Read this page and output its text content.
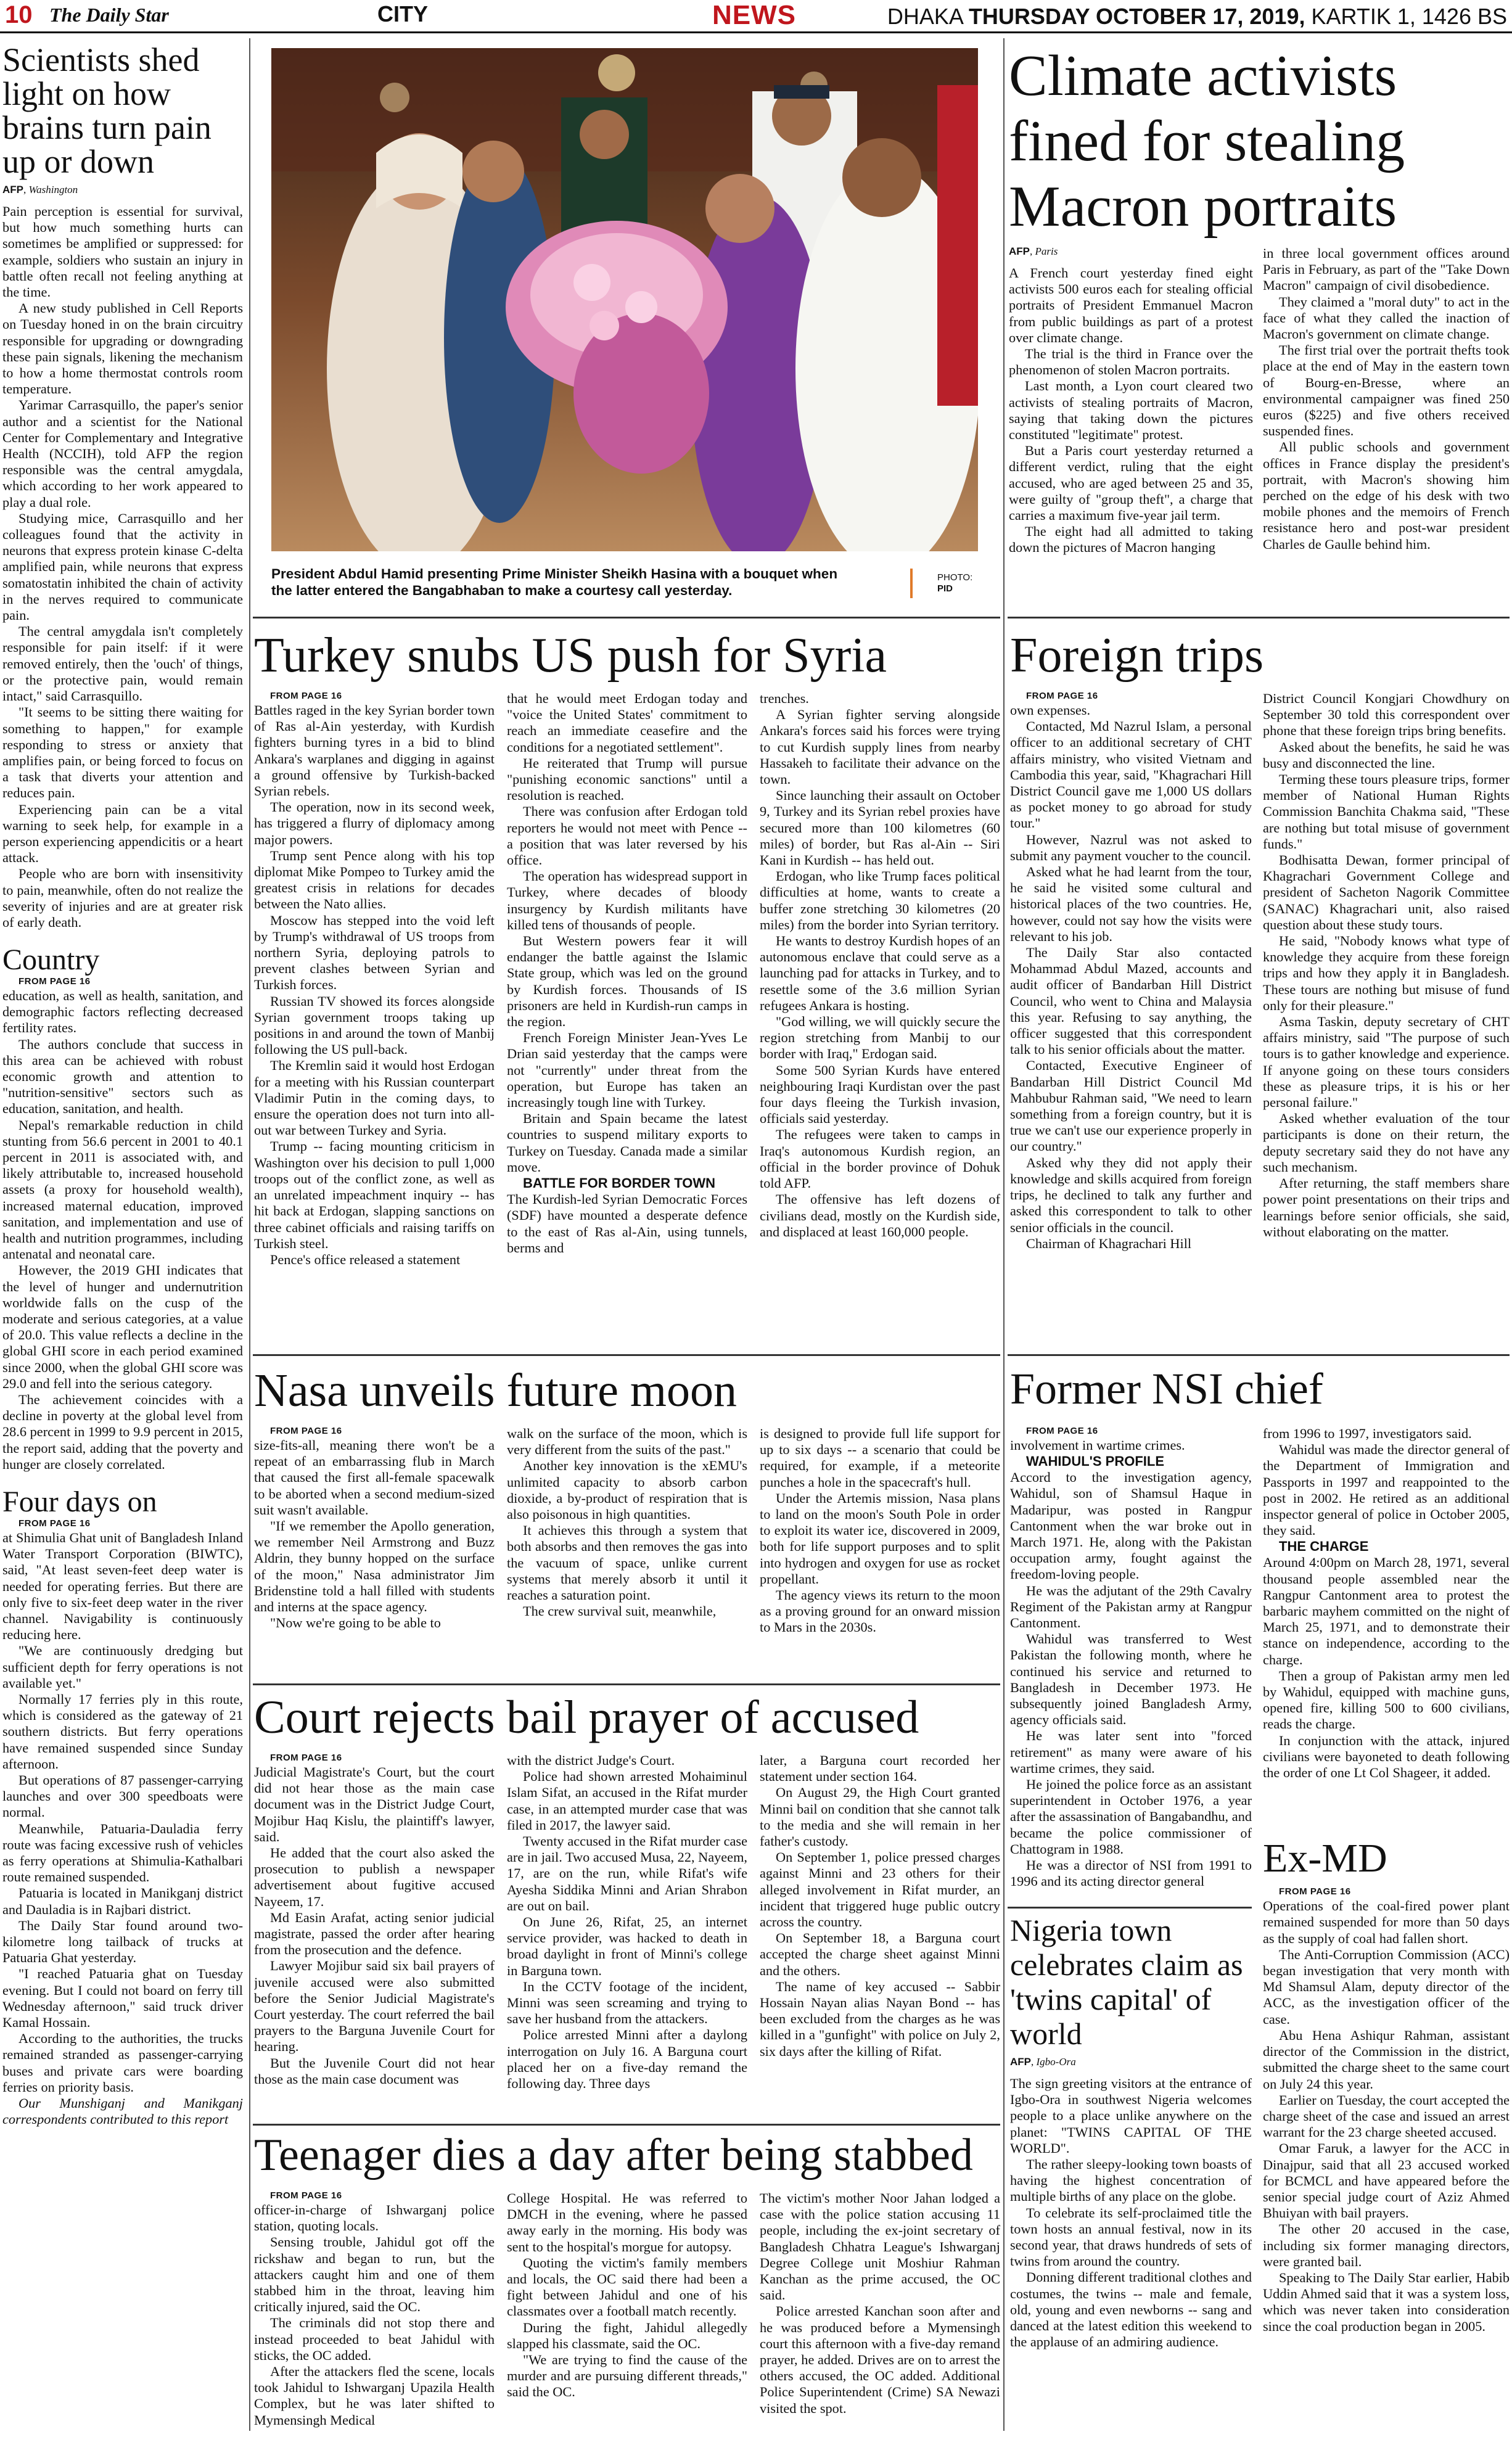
10 The Daily Star	CITY	NEWS	DHAKA THURSDAY OCTOBER 17, 2019, KARTIK 1, 1426 BS
Scientists shed light on how brains turn pain up or down
AFP, Washington

Pain perception is essential for survival, but how much something hurts can sometimes be amplified or suppressed: for example, soldiers who sustain an injury in battle often recall not feeling anything at the time.

A new study published in Cell Reports on Tuesday honed in on the brain circuitry responsible for upgrading or downgrading these pain signals, likening the mechanism to how a home thermostat controls room temperature.

Yarimar Carrasquillo, the paper's senior author and a scientist for the National Center for Complementary and Integrative Health (NCCIH), told AFP the region responsible was the central amygdala, which according to her work appeared to play a dual role.

Studying mice, Carrasquillo and her colleagues found that the activity in neurons that express protein kinase C-delta amplified pain, while neurons that express somatostatin inhibited the chain of activity in the nerves required to communicate pain.

The central amygdala isn't completely responsible for pain itself: if it were removed entirely, then the 'ouch' of things, or the protective pain, would remain intact," said Carrasquillo.

"It seems to be sitting there waiting for something to happen," for example responding to stress or anxiety that amplifies pain, or being forced to focus on a task that diverts your attention and reduces pain.

Experiencing pain can be a vital warning to seek help, for example in a person experiencing appendicitis or a heart attack.

People who are born with insensitivity to pain, meanwhile, often do not realize the severity of injuries and are at greater risk of early death.

Country

FROM PAGE 16

education, as well as health, sanitation, and demographic factors reflecting decreased fertility rates.

The authors conclude that success in this area can be achieved with robust economic growth and attention to "nutrition-sensitive" sectors such as education, sanitation, and health.

Nepal's remarkable reduction in child stunting from 56.6 percent in 2001 to 40.1 percent in 2011 is associated with, and likely attributable to, increased household assets (a proxy for household wealth), increased maternal education, improved sanitation, and implementation and use of health and nutrition programmes, including antenatal and neonatal care.

However, the 2019 GHI indicates that the level of hunger and undernutrition worldwide falls on the cusp of the moderate and serious categories, at a value of 20.0. This value reflects a decline in the global GHI score in each period examined since 2000, when the global GHI score was 29.0 and fell into the serious category.

The achievement coincides with a decline in poverty at the global level from 28.6 percent in 1999 to 9.9 percent in 2015, the report said, adding that the poverty and hunger are closely correlated.

Four days on

FROM PAGE 16

at Shimulia Ghat unit of Bangladesh Inland Water Transport Corporation (BIWTC), said, "At least seven-feet deep water is needed for operating ferries. But there are only five to six-feet deep water in the river channel. Navigability is continuously reducing here.

"We are continuously dredging but sufficient depth for ferry operations is not available yet."

Normally 17 ferries ply in this route, which is considered as the gateway of 21 southern districts. But ferry operations have remained suspended since Sunday afternoon.

But operations of 87 passenger-carrying launches and over 300 speedboats were normal.

Meanwhile, Patuaria-Dauladia ferry route was facing excessive rush of vehicles as ferry operations at Shimulia-Kathalbari route remained suspended.

Patuaria is located in Manikganj district and Dauladia is in Rajbari district.

The Daily Star found around two-kilometre long tailback of trucks at Patuaria Ghat yesterday.

"I reached Patuaria ghat on Tuesday evening. But I could not board on ferry till Wednesday afternoon," said truck driver Kamal Hossain.

According to the authorities, the trucks remained stranded as passenger-carrying buses and private cars were boarding ferries on priority basis.

Our Munshiganj and Manikganj correspondents contributed to this report

President Abdul Hamid presenting Prime Minister Sheikh Hasina with a bouquet when the latter entered the Bangabhaban to make a courtesy call yesterday.
PHOTO:
PID
Climate activists fined for stealing Macron portraits
AFP, Paris

A French court yesterday fined eight activists 500 euros each for stealing official portraits of President Emmanuel Macron from public buildings as part of a protest over climate change.

The trial is the third in France over the phenomenon of stolen Macron portraits.

Last month, a Lyon court cleared two activists of stealing portraits of Macron, saying that taking down the pictures constituted "legitimate" protest.

But a Paris court yesterday returned a different verdict, ruling that the eight accused, who are aged between 25 and 35, were guilty of "group theft", a charge that carries a maximum five-year jail term.

The eight had all admitted to taking down the pictures of Macron hanging

in three local government offices around Paris in February, as part of the "Take Down Macron" campaign of civil disobedience.

They claimed a "moral duty" to act in the face of what they called the inaction of Macron's government on climate change.

The first trial over the portrait thefts took place at the end of May in the eastern town of Bourg-en-Bresse, where an environmental campaigner was fined 250 euros ($225) and five others received suspended fines.

All public schools and government offices in France display the president's portrait, with Macron's showing him perched on the edge of his desk with two mobile phones and the memoirs of French resistance hero and post-war president Charles de Gaulle behind him.

Turkey snubs US push for Syria

FROM PAGE 16

Battles raged in the key Syrian border town of Ras al-Ain yesterday, with Kurdish fighters burning tyres in a bid to blind Ankara's warplanes and digging in against a ground offensive by Turkish-backed Syrian rebels.

The operation, now in its second week, has triggered a flurry of diplomacy among major powers.

Trump sent Pence along with his top diplomat Mike Pompeo to Turkey amid the greatest crisis in relations for decades between the Nato allies.

Moscow has stepped into the void left by Trump's withdrawal of US troops from northern Syria, deploying patrols to prevent clashes between Syrian and Turkish forces.

Russian TV showed its forces alongside Syrian government troops taking up positions in and around the town of Manbij following the US pull-back.

The Kremlin said it would host Erdogan for a meeting with his Russian counterpart Vladimir Putin in the coming days, to ensure the operation does not turn into all-out war between Turkey and Syria.

Trump -- facing mounting criticism in Washington over his decision to pull 1,000 troops out of the conflict zone, as well as an unrelated impeachment inquiry -- has hit back at Erdogan, slapping sanctions on three cabinet officials and raising tariffs on Turkish steel.

Pence's office released a statement

that he would meet Erdogan today and "voice the United States' commitment to reach an immediate ceasefire and the conditions for a negotiated settlement".

He reiterated that Trump will pursue "punishing economic sanctions" until a resolution is reached.

There was confusion after Erdogan told reporters he would not meet with Pence -- a position that was later reversed by his office.

The operation has widespread support in Turkey, where decades of bloody insurgency by Kurdish militants have killed tens of thousands of people.

But Western powers fear it will endanger the battle against the Islamic State group, which was led on the ground by Kurdish forces. Thousands of IS prisoners are held in Kurdish-run camps in the region.

French Foreign Minister Jean-Yves Le Drian said yesterday that the camps were not "currently" under threat from the operation, but Europe has taken an increasingly tough line with Turkey.

Britain and Spain became the latest countries to suspend military exports to Turkey on Tuesday. Canada made a similar move.

BATTLE FOR BORDER TOWN

The Kurdish-led Syrian Democratic Forces (SDF) have mounted a desperate defence to the east of Ras al-Ain, using tunnels, berms and

trenches.

A Syrian fighter serving alongside Ankara's forces said his forces were trying to cut Kurdish supply lines from nearby Hassakeh to facilitate their advance on the town.

Since launching their assault on October 9, Turkey and its Syrian rebel proxies have secured more than 100 kilometres (60 miles) of border, but Ras al-Ain -- Siri Kani in Kurdish -- has held out.

Erdogan, who like Trump faces political difficulties at home, wants to create a buffer zone stretching 30 kilometres (20 miles) from the border into Syrian territory.

He wants to destroy Kurdish hopes of an autonomous enclave that could serve as a launching pad for attacks in Turkey, and to resettle some of the 3.6 million Syrian refugees Ankara is hosting.

"God willing, we will quickly secure the region stretching from Manbij to our border with Iraq," Erdogan said.

Some 500 Syrian Kurds have entered neighbouring Iraqi Kurdistan over the past four days fleeing the Turkish invasion, officials said yesterday.

The refugees were taken to camps in Iraq's autonomous Kurdish region, an official in the border province of Dohuk told AFP.

The offensive has left dozens of civilians dead, mostly on the Kurdish side, and displaced at least 160,000 people.

Foreign trips

FROM PAGE 16

own expenses.

Contacted, Md Nazrul Islam, a personal officer to an additional secretary of CHT affairs ministry, who visited Vietnam and Cambodia this year, said, "Khagrachari Hill District Council gave me 1,000 US dollars as pocket money to go abroad for study tour."

However, Nazrul was not asked to submit any payment voucher to the council.

Asked what he had learnt from the tour, he said he visited some cultural and historical places of the two countries. He, however, could not say how the visits were relevant to his job.

The Daily Star also contacted Mohammad Abdul Mazed, accounts and audit officer of Bandarban Hill District Council, who went to China and Malaysia this year. Refusing to say anything, the officer suggested that this correspondent talk to his senior officials about the matter.

Contacted, Executive Engineer of Bandarban Hill District Council Md Mahbubur Rahman said, "We need to learn something from a foreign country, but it is true we can't use our experience properly in our country."

Asked why they did not apply their knowledge and skills acquired from foreign trips, he declined to talk any further and asked this correspondent to talk to other senior officials in the council.

Chairman of Khagrachari Hill

District Council Kongjari Chowdhury on September 30 told this correspondent over phone that these foreign trips bring benefits.

Asked about the benefits, he said he was busy and disconnected the line.

Terming these tours pleasure trips, former member of National Human Rights Commission Banchita Chakma said, "These are nothing but total misuse of government funds."

Bodhisatta Dewan, former principal of Khagrachari Government College and president of Sacheton Nagorik Committee (SANAC) Khagrachari unit, also raised question about these study tours.

He said, "Nobody knows what type of knowledge they acquire from these foreign trips and how they apply it in Bangladesh. These tours are nothing but misuse of fund only for their pleasure."

Asma Taskin, deputy secretary of CHT affairs ministry, said "The purpose of such tours is to gather knowledge and experience. If anyone going on these tours considers these as pleasure trips, it is his or her personal failure."

Asked whether evaluation of the tour participants is done on their return, the deputy secretary said they do not have any such mechanism.

After returning, the staff members share power point presentations on their trips and learnings before senior officials, she said, without elaborating on the matter.

Nasa unveils future moon

FROM PAGE 16

size-fits-all, meaning there won't be a repeat of an embarrassing flub in March that caused the first all-female spacewalk to be aborted when a second medium-sized suit wasn't available.

"If we remember the Apollo generation, we remember Neil Armstrong and Buzz Aldrin, they bunny hopped on the surface of the moon," Nasa administrator Jim Bridenstine told a hall filled with students and interns at the space agency.

"Now we're going to be able to

walk on the surface of the moon, which is very different from the suits of the past."

Another key innovation is the xEMU's unlimited capacity to absorb carbon dioxide, a by-product of respiration that is also poisonous in high quantities.

It achieves this through a system that both absorbs and then removes the gas into the vacuum of space, unlike current systems that merely absorb it until it reaches a saturation point.

The crew survival suit, meanwhile,

is designed to provide full life support for up to six days -- a scenario that could be required, for example, if a meteorite punches a hole in the spacecraft's hull.

Under the Artemis mission, Nasa plans to land on the moon's South Pole in order to exploit its water ice, discovered in 2009, both for life support purposes and to split into hydrogen and oxygen for use as rocket propellant.

The agency views its return to the moon as a proving ground for an onward mission to Mars in the 2030s.

Court rejects bail prayer of accused

FROM PAGE 16

Judicial Magistrate's Court, but the court did not hear those as the main case document was in the District Judge Court, Mojibur Haq Kislu, the plaintiff's lawyer, said.

He added that the court also asked the prosecution to publish a newspaper advertisement about fugitive accused Nayeem, 17.

Md Easin Arafat, acting senior judicial magistrate, passed the order after hearing from the prosecution and the defence.

Lawyer Mojibur said six bail prayers of juvenile accused were also submitted before the Senior Judicial Magistrate's Court yesterday. The court referred the bail prayers to the Barguna Juvenile Court for hearing.

But the Juvenile Court did not hear those as the main case document was

with the district Judge's Court.

Police had shown arrested Mohaiminul Islam Sifat, an accused in the Rifat murder case, in an attempted murder case that was filed in 2017, the lawyer said.

Twenty accused in the Rifat murder case are in jail. Two accused Musa, 22, Nayeem, 17, are on the run, while Rifat's wife Ayesha Siddika Minni and Arian Shrabon are out on bail.

On June 26, Rifat, 25, an internet service provider, was hacked to death in broad daylight in front of Minni's college in Barguna town.

In the CCTV footage of the incident, Minni was seen screaming and trying to save her husband from the attackers.

Police arrested Minni after a daylong interrogation on July 16. A Barguna court placed her on a five-day remand the following day. Three days

later, a Barguna court recorded her statement under section 164.

On August 29, the High Court granted Minni bail on condition that she cannot talk to the media and she will remain in her father's custody.

On September 1, police pressed charges against Minni and 23 others for their alleged involvement in Rifat murder, an incident that triggered huge public outcry across the country.

On September 18, a Barguna court accepted the charge sheet against Minni and the others.

The name of key accused -- Sabbir Hossain Nayan alias Nayan Bond -- has been excluded from the charges as he was killed in a "gunfight" with police on July 2, six days after the killing of Rifat.

Teenager dies a day after being stabbed

FROM PAGE 16

officer-in-charge of Ishwarganj police station, quoting locals.

Sensing trouble, Jahidul got off the rickshaw and began to run, but the attackers caught him and one of them stabbed him in the throat, leaving him critically injured, said the OC.

The criminals did not stop there and instead proceeded to beat Jahidul with sticks, the OC added.

After the attackers fled the scene, locals took Jahidul to Ishwarganj Upazila Health Complex, but he was later shifted to Mymensingh Medical

College Hospital. He was referred to DMCH in the evening, where he passed away early in the morning. His body was sent to the hospital's morgue for autopsy.

Quoting the victim's family members and locals, the OC said there had been a fight between Jahidul and one of his classmates over a football match recently.

During the fight, Jahidul allegedly slapped his classmate, said the OC.

"We are trying to find the cause of the murder and are pursuing different threads," said the OC.

The victim's mother Noor Jahan lodged a case with the police station accusing 11 people, including the ex-joint secretary of Bangladesh Chhatra League's Ishwarganj Degree College unit Moshiur Rahman Kanchan as the prime accused, the OC said.

Police arrested Kanchan soon after and he was produced before a Mymensingh court this afternoon with a five-day remand prayer, he added. Drives are on to arrest the others accused, the OC added. Additional Police Superintendent (Crime) SA Newazi visited the spot.

Former NSI chief

FROM PAGE 16

involvement in wartime crimes.

WAHIDUL'S PROFILE

Accord to the investigation agency, Wahidul, son of Shamsul Haque in Madaripur, was posted in Rangpur Cantonment when the war broke out in March 1971. He, along with the Pakistan occupation army, fought against the freedom-loving people.

He was the adjutant of the 29th Cavalry Regiment of the Pakistan army at Rangpur Cantonment.

Wahidul was transferred to West Pakistan the following month, where he continued his service and returned to Bangladesh in December 1973. He subsequently joined Bangladesh Army, agency officials said.

He was later sent into "forced retirement" as many were aware of his wartime crimes, they said.

He joined the police force as an assistant superintendent in October 1976, a year after the assassination of Bangabandhu, and became the police commissioner of Chattogram in 1988.

He was a director of NSI from 1991 to 1996 and its acting director general

from 1996 to 1997, investigators said.

Wahidul was made the director general of the Department of Immigration and Passports in 1997 and reappointed to the post in 2002. He retired as an additional inspector general of police in October 2005, they said.

THE CHARGE

Around 4:00pm on March 28, 1971, several thousand people assembled near the Rangpur Cantonment area to protest the barbaric mayhem committed on the night of March 25, 1971, and to demonstrate their stance on independence, according to the charge.

Then a group of Pakistan army men led by Wahidul, equipped with machine guns, opened fire, killing 500 to 600 civilians, reads the charge.

In conjunction with the attack, injured civilians were bayoneted to death following the order of one Lt Col Shageer, it added.

Nigeria town celebrates claim as 'twins capital' of world
AFP, Igbo-Ora

The sign greeting visitors at the entrance of Igbo-Ora in southwest Nigeria welcomes people to a place unlike anywhere on the planet: "TWINS CAPITAL OF THE WORLD".

The rather sleepy-looking town boasts of having the highest concentration of multiple births of any place on the globe.

To celebrate its self-proclaimed title the town hosts an annual festival, now in its second year, that draws hundreds of sets of twins from around the country.

Donning different traditional clothes and costumes, the twins -- male and female, old, young and even newborns -- sang and danced at the latest edition this weekend to the applause of an admiring audience.

Ex-MD

FROM PAGE 16

Operations of the coal-fired power plant remained suspended for more than 50 days as the supply of coal had fallen short.

The Anti-Corruption Commission (ACC) began investigation that very month with Md Shamsul Alam, deputy director of the ACC, as the investigation officer of the case.

Abu Hena Ashiqur Rahman, assistant director of the Commission in the district, submitted the charge sheet to the same court on July 24 this year.

Earlier on Tuesday, the court accepted the charge sheet of the case and issued an arrest warrant for the 23 charge sheeted accused.

Omar Faruk, a lawyer for the ACC in Dinajpur, said that all 23 accused worked for BCMCL and have appeared before the senior special judge court of Aziz Ahmed Bhuiyan with bail prayers.

The other 20 accused in the case, including six former managing directors, were granted bail.

Speaking to The Daily Star earlier, Habib Uddin Ahmed said that it was a system loss, which was never taken into consideration since the coal production began in 2005.
